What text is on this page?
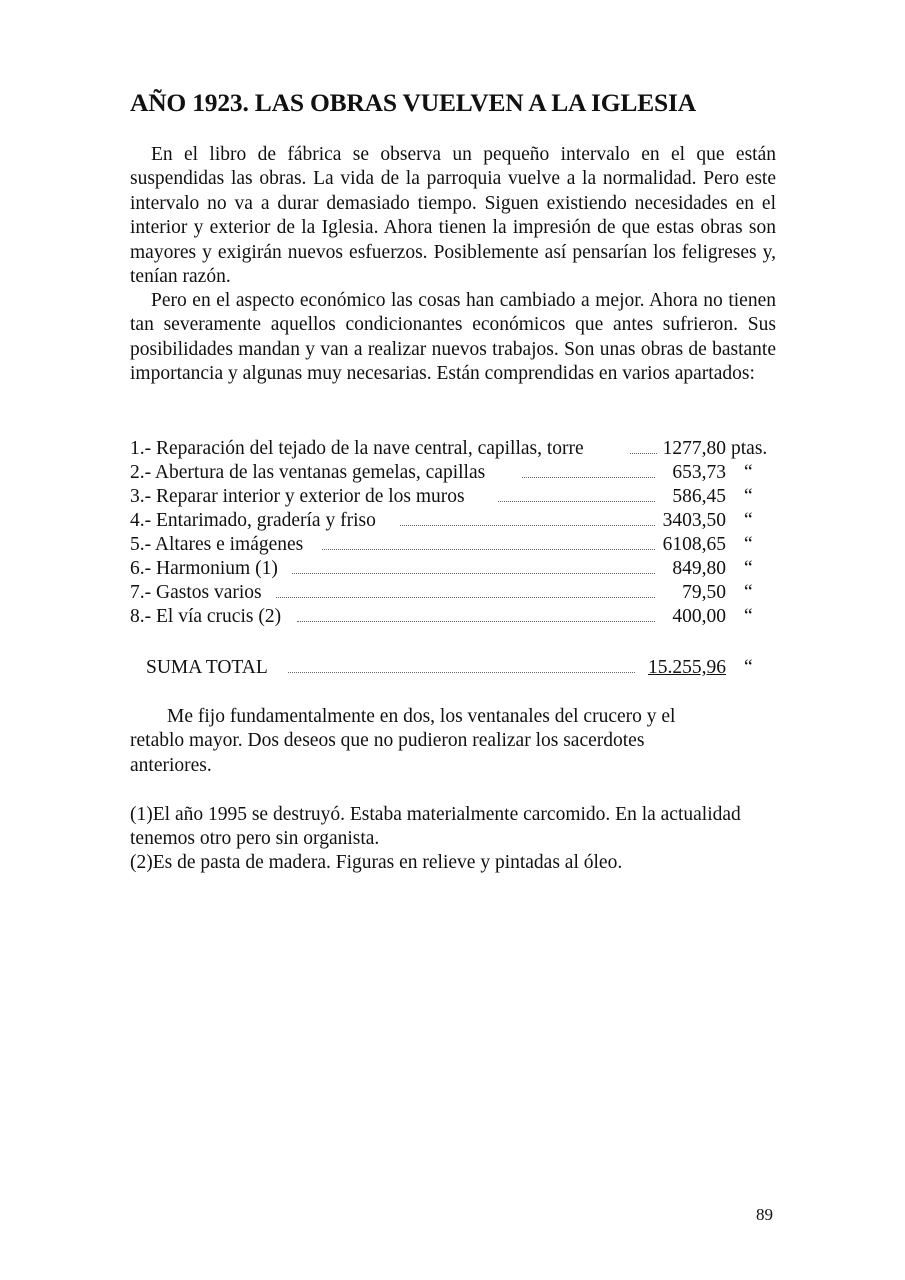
AÑO 1923. LAS OBRAS VUELVEN A LA IGLESIA

En el libro de fábrica se observa un pequeño intervalo en el que están suspendidas las obras. La vida de la parroquia vuelve a la normalidad. Pero este intervalo no va a durar demasiado tiempo. Siguen existiendo necesidades en el interior y exterior de la Iglesia. Ahora tienen la impresión de que estas obras son mayores y exigirán nuevos esfuerzos. Posiblemente así pensarían los feligreses y, tenían razón.

Pero en el aspecto económico las cosas han cambiado a mejor. Ahora no tienen tan severamente aquellos condicionantes económicos que antes sufrieron. Sus posibilidades mandan y van a realizar nuevos trabajos. Son unas obras de bastante importancia y algunas muy necesarias. Están comprendidas en varios apartados:

1.- Reparación del tejado de la nave central, capillas, torre	1277,80 ptas.
2.- Abertura de las ventanas gemelas, capillas	653,73 “
3.- Reparar interior y exterior de los muros	586,45 “
4.- Entarimado, gradería y friso	3403,50 “
5.- Altares e imágenes	6108,65 “
6.- Harmonium (1)	849,80 “
7.- Gastos varios	79,50 “
8.- El vía crucis (2)	400,00 “
SUMA TOTAL	15.255,96 “

Me fijo fundamentalmente en dos, los ventanales del crucero y el retablo mayor. Dos deseos que no pudieron realizar los sacerdotes anteriores.

(1)El año 1995 se destruyó. Estaba materialmente carcomido. En la actualidad tenemos otro pero sin organista.

(2)Es de pasta de madera. Figuras en relieve y pintadas al óleo.

89
